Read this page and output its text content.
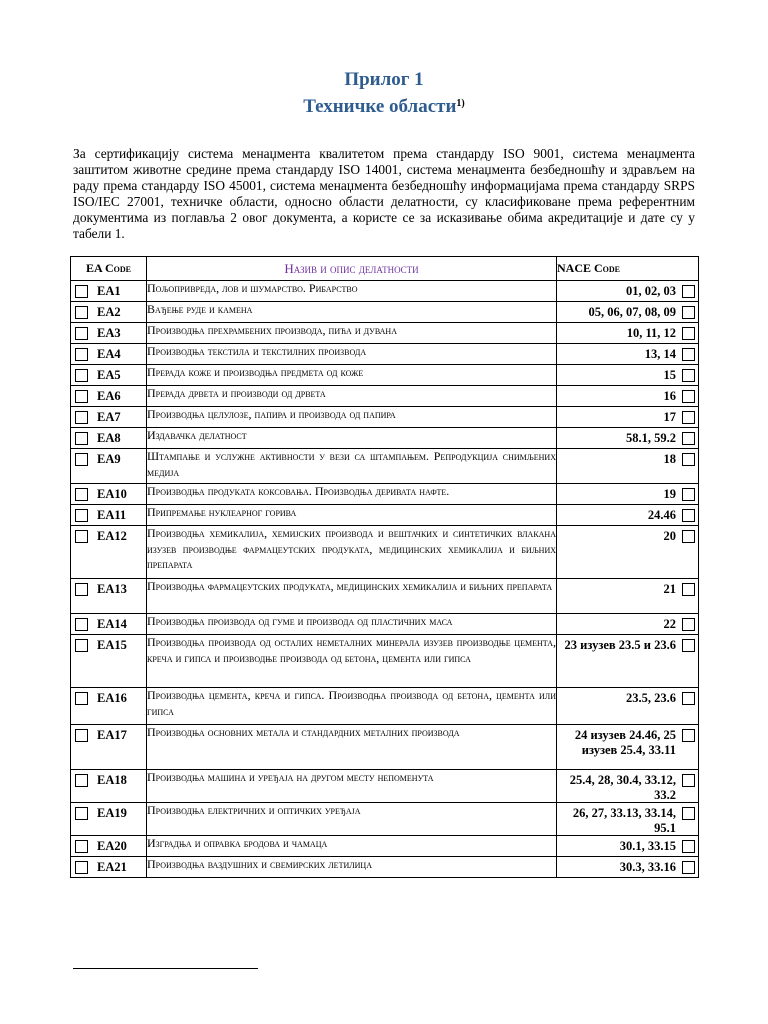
Прилог 1
Техничке области$^{1)}$
За сертификацију система менаџмента квалитетом према стандарду ISO 9001, система менаџмента заштитом животне средине према стандарду ISO 14001, система менаџмента безбедношћу и здрављем на раду према стандарду ISO 45001, система менаџмента безбедношћу информацијама према стандарду SRPS ISO/IEC 27001, техничке области, односно области делатности, су класификоване према референтним документима из поглавља 2 овог документа, а користе се за исказивање обима акредитације и дате су у табели 1.
EA Code	Назив и опис делатности	NACE Code

EA1	Пољопривреда, лов и шумарство. Рибарство	01, 02, 03

EA2	Вађење руде и камена	05, 06, 07, 08, 09

EA3	Производња прехрамбених производа, пића и дувана	10, 11, 12

EA4	Производња текстила и текстилних производа	13, 14

EA5	Прерада коже и производња предмета од коже	15

EA6	Прерада дрвета и производи од дрвета	16

EA7	Производња целулозе, папира и производа од папира	17

EA8	Издавачка делатност	58.1, 59.2

EA9	Штампање и услужне активности у вези са штампањем. Репродукција снимљених медија	18

EA10	Производња продуката коксовања. Производња деривата нафте.	19

EA11	Припремање нуклеарног горива	24.46

EA12	Производња хемикалија, хемијских производа и вештачких и синтетичких влакана изузев производње фармацеутских продуката, медицинских хемикалија и биљних препарата	20

EA13	Производња фармацеутских продуката, медицинских хемикалија и биљних препарата	21

EA14	Производња производа од гуме и производа од пластичних маса	22

EA15	Производња производа од осталих неметалних минерала изузев производње цемента, креча и гипса и производње производа од бетона, цемента или гипса	23 изузев 23.5 и 23.6

EA16	Производња цемента, креча и гипса. Производња производа од бетона, цемента или гипса	23.5, 23.6

EA17	Производња основних метала и стандардних металних производа	24 изузев 24.46, 25 изузев 25.4, 33.11

EA18	Производња машина и уређаја на другом месту непоменута	25.4, 28, 30.4, 33.12, 33.2

EA19	Производња електричних и оптичких уређаја	26, 27, 33.13, 33.14, 95.1

EA20	Изградња и оправка бродова и чамаца	30.1, 33.15

EA21	Производња ваздушних и свемирских летилица	30.3, 33.16
